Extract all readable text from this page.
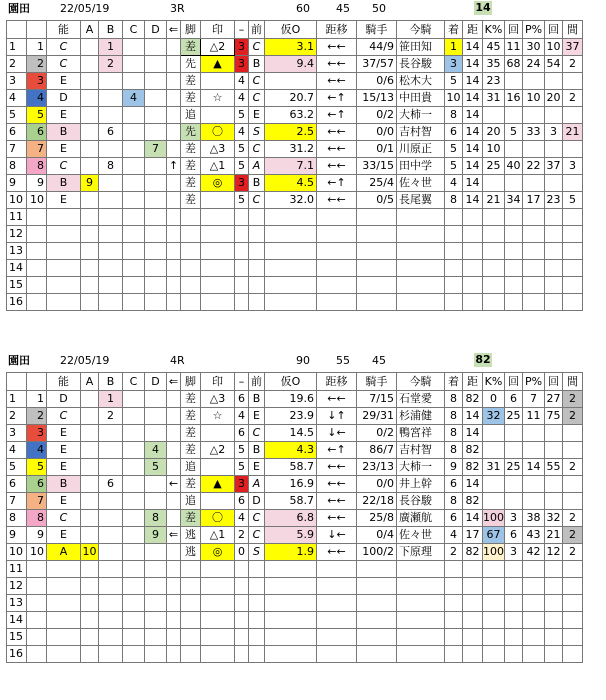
園田	22/05/19	3R	60 45 50	14
		能	A	B	C	D	⇐	脚	印	–	前	仮O	距移	騎手	今騎	着	距	K%	回	P%	回	間
1	1	C		1				差	△2	3	C	3.1	←←	44/9	笹田知	1	14	45	11	30	10	37
2	2	C		2				先	▲	3	B	9.4	←←	37/57	長谷駿	3	14	35	68	24	54	2
3	3	E						差		4	C		←←	0/6	松木大	5	14	23				
4	4	D			4			差	☆	4	C	20.7	←↑	15/13	中田貴	10	14	31	16	10	20	2
5	5	E						追		5	E	63.2	←↑	0/2	大柿一	8	14					
6	6	B		6				先	〇	4	S	2.5	←←	0/0	吉村智	6	14	20	5	33	3	21
7	7	E				7		差	△3	5	C	31.2	←←	0/1	川原正	5	14	10				
8	8	C		8			↑	差	△1	5	A	7.1	←←	33/15	田中学	5	14	25	40	22	37	3
9	9	B	9					差	◎	3	B	4.5	←↑	25/4	佐々世	4	14					
10	10	E						差		5	C	32.0	←←	0/5	長尾翼	8	14	21	34	17	23	5
11																						
12																						
13																						
14																						
15																						
16																						
園田	22/05/19	4R	90 55 45	82
		能	A	B	C	D	⇐	脚	印	–	前	仮O	距移	騎手	今騎	着	距	K%	回	P%	回	間
1	1	D		1				差	△3	6	B	19.6	←←	7/15	石堂愛	8	82	0	6	7	27	2
2	2	C		2				差	☆	4	E	23.9	↓↑	29/31	杉浦健	8	14	32	25	11	75	2
3	3	E						差		6	C	14.5	↓←	0/2	鴨宮祥	8	14					
4	4	E				4		差	△2	5	B	4.3	←↑	86/7	吉村智	8	82					
5	5	E				5		追		5	E	58.7	←←	23/13	大柿一	9	82	31	25	14	55	2
6	6	B		6			←	差	▲	3	A	16.9	←←	0/0	井上幹	6	14					
7	7	E						追		6	D	58.7	←←	22/18	長谷駿	8	82					
8	8	C				8		差	〇	4	C	6.8	←←	25/8	廣瀬航	6	14	100	3	38	32	2
9	9	E				9	⇐	逃	△1	2	C	5.9	↓←	0/4	佐々世	4	17	67	6	43	21	2
10	10	A	10					逃	◎	0	S	1.9	←←	100/2	下原理	2	82	100	3	42	12	2
11																						
12																						
13																						
14																						
15																						
16																						
